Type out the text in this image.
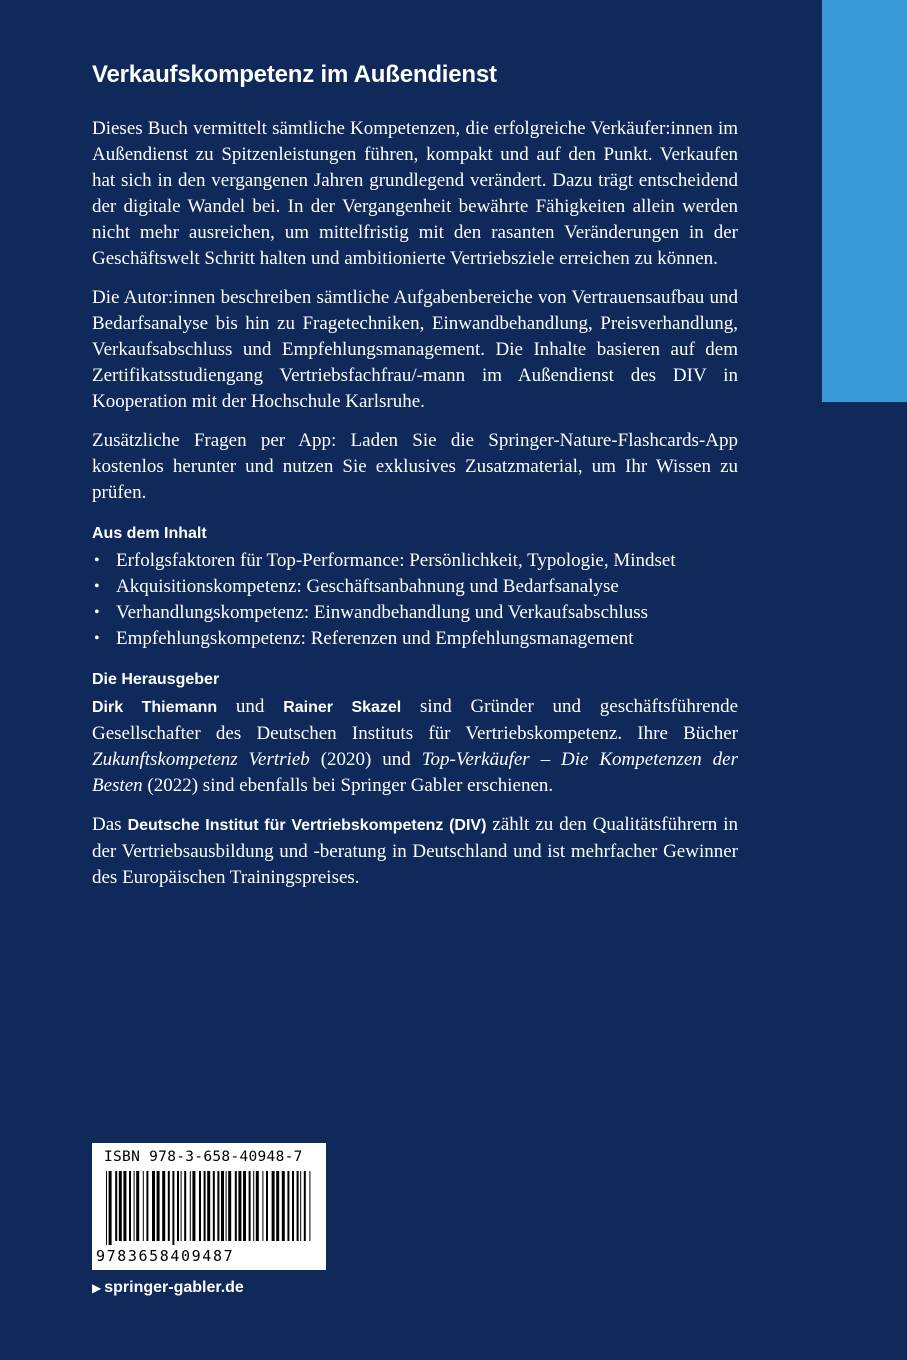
Verkaufskompetenz im Außendienst

Dieses Buch vermittelt sämtliche Kompetenzen, die erfolgreiche Verkäufer:innen im Außendienst zu Spitzenleistungen führen, kompakt und auf den Punkt. Verkaufen hat sich in den vergangenen Jahren grundlegend verändert. Dazu trägt entscheidend der digitale Wandel bei. In der Vergangenheit bewährte Fähigkeiten allein werden nicht mehr ausreichen, um mittelfristig mit den rasanten Veränderungen in der Geschäftswelt Schritt halten und ambitionierte Vertriebsziele erreichen zu können.

Die Autor:innen beschreiben sämtliche Aufgabenbereiche von Vertrauensaufbau und Bedarfsanalyse bis hin zu Fragetechniken, Einwandbehandlung, Preisverhandlung, Verkaufsabschluss und Empfehlungsmanagement. Die Inhalte basieren auf dem Zertifikatsstudiengang Vertriebsfachfrau/-mann im Außendienst des DIV in Kooperation mit der Hochschule Karlsruhe.

Zusätzliche Fragen per App: Laden Sie die Springer-Nature-Flashcards-App kostenlos herunter und nutzen Sie exklusives Zusatzmaterial, um Ihr Wissen zu prüfen.

Aus dem Inhalt
• Erfolgsfaktoren für Top-Performance: Persönlichkeit, Typologie, Mindset
• Akquisitionskompetenz: Geschäftsanbahnung und Bedarfsanalyse
• Verhandlungskompetenz: Einwandbehandlung und Verkaufsabschluss
• Empfehlungskompetenz: Referenzen und Empfehlungsmanagement
Die Herausgeber

Dirk Thiemann und Rainer Skazel sind Gründer und geschäftsführende Gesellschafter des Deutschen Instituts für Vertriebskompetenz. Ihre Bücher Zukunftskompetenz Vertrieb (2020) und Top-Verkäufer – Die Kompetenzen der Besten (2022) sind ebenfalls bei Springer Gabler erschienen.

Das Deutsche Institut für Vertriebskompetenz (DIV) zählt zu den Qualitätsführern in der Vertriebsausbildung und -beratung in Deutschland und ist mehrfacher Gewinner des Europäischen Trainingspreises.

ISBN 978-3-658-40948-7
9783658409487
▶ springer-gabler.de
